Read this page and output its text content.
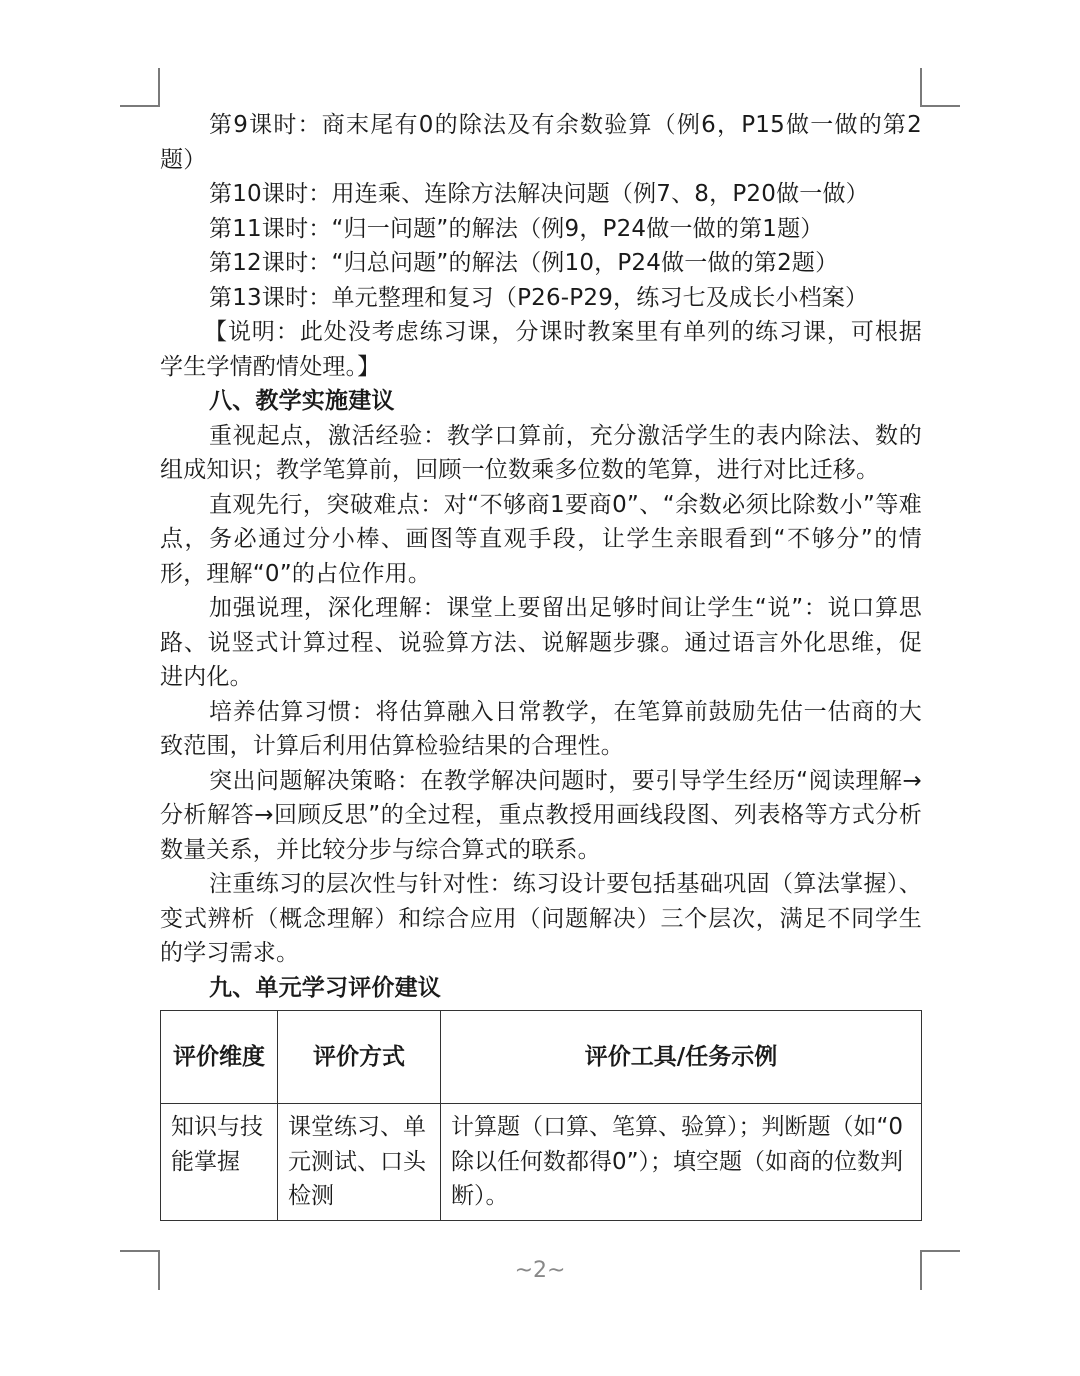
第9课时：商末尾有0的除法及有余数验算（例6，P15做一做的第2题）

第10课时：用连乘、连除方法解决问题（例7、8，P20做一做）

第11课时：“归一问题”的解法（例9，P24做一做的第1题）

第12课时：“归总问题”的解法（例10，P24做一做的第2题）

第13课时：单元整理和复习（P26-P29，练习七及成长小档案）

【说明：此处没考虑练习课，分课时教案里有单列的练习课，可根据学生学情酌情处理。】

八、教学实施建议

重视起点，激活经验：教学口算前，充分激活学生的表内除法、数的组成知识；教学笔算前，回顾一位数乘多位数的笔算，进行对比迁移。

直观先行，突破难点：对“不够商1要商0”、“余数必须比除数小”等难点，务必通过分小棒、画图等直观手段，让学生亲眼看到“不够分”的情形，理解“0”的占位作用。

加强说理，深化理解：课堂上要留出足够时间让学生“说”：说口算思路、说竖式计算过程、说验算方法、说解题步骤。通过语言外化思维，促进内化。

培养估算习惯：将估算融入日常教学，在笔算前鼓励先估一估商的大致范围，计算后利用估算检验结果的合理性。

突出问题解决策略：在教学解决问题时，要引导学生经历“阅读理解→分析解答→回顾反思”的全过程，重点教授用画线段图、列表格等方式分析数量关系，并比较分步与综合算式的联系。

注重练习的层次性与针对性：练习设计要包括基础巩固（算法掌握）、变式辨析（概念理解）和综合应用（问题解决）三个层次，满足不同学生的学习需求。

九、单元学习评价建议

评价维度	评价方式	评价工具/任务示例
知识与技能掌握	课堂练习、单元测试、口头检测	计算题（口算、笔算、验算）；判断题（如“0除以任何数都得0”）；填空题（如商的位数判断）。
~2~
